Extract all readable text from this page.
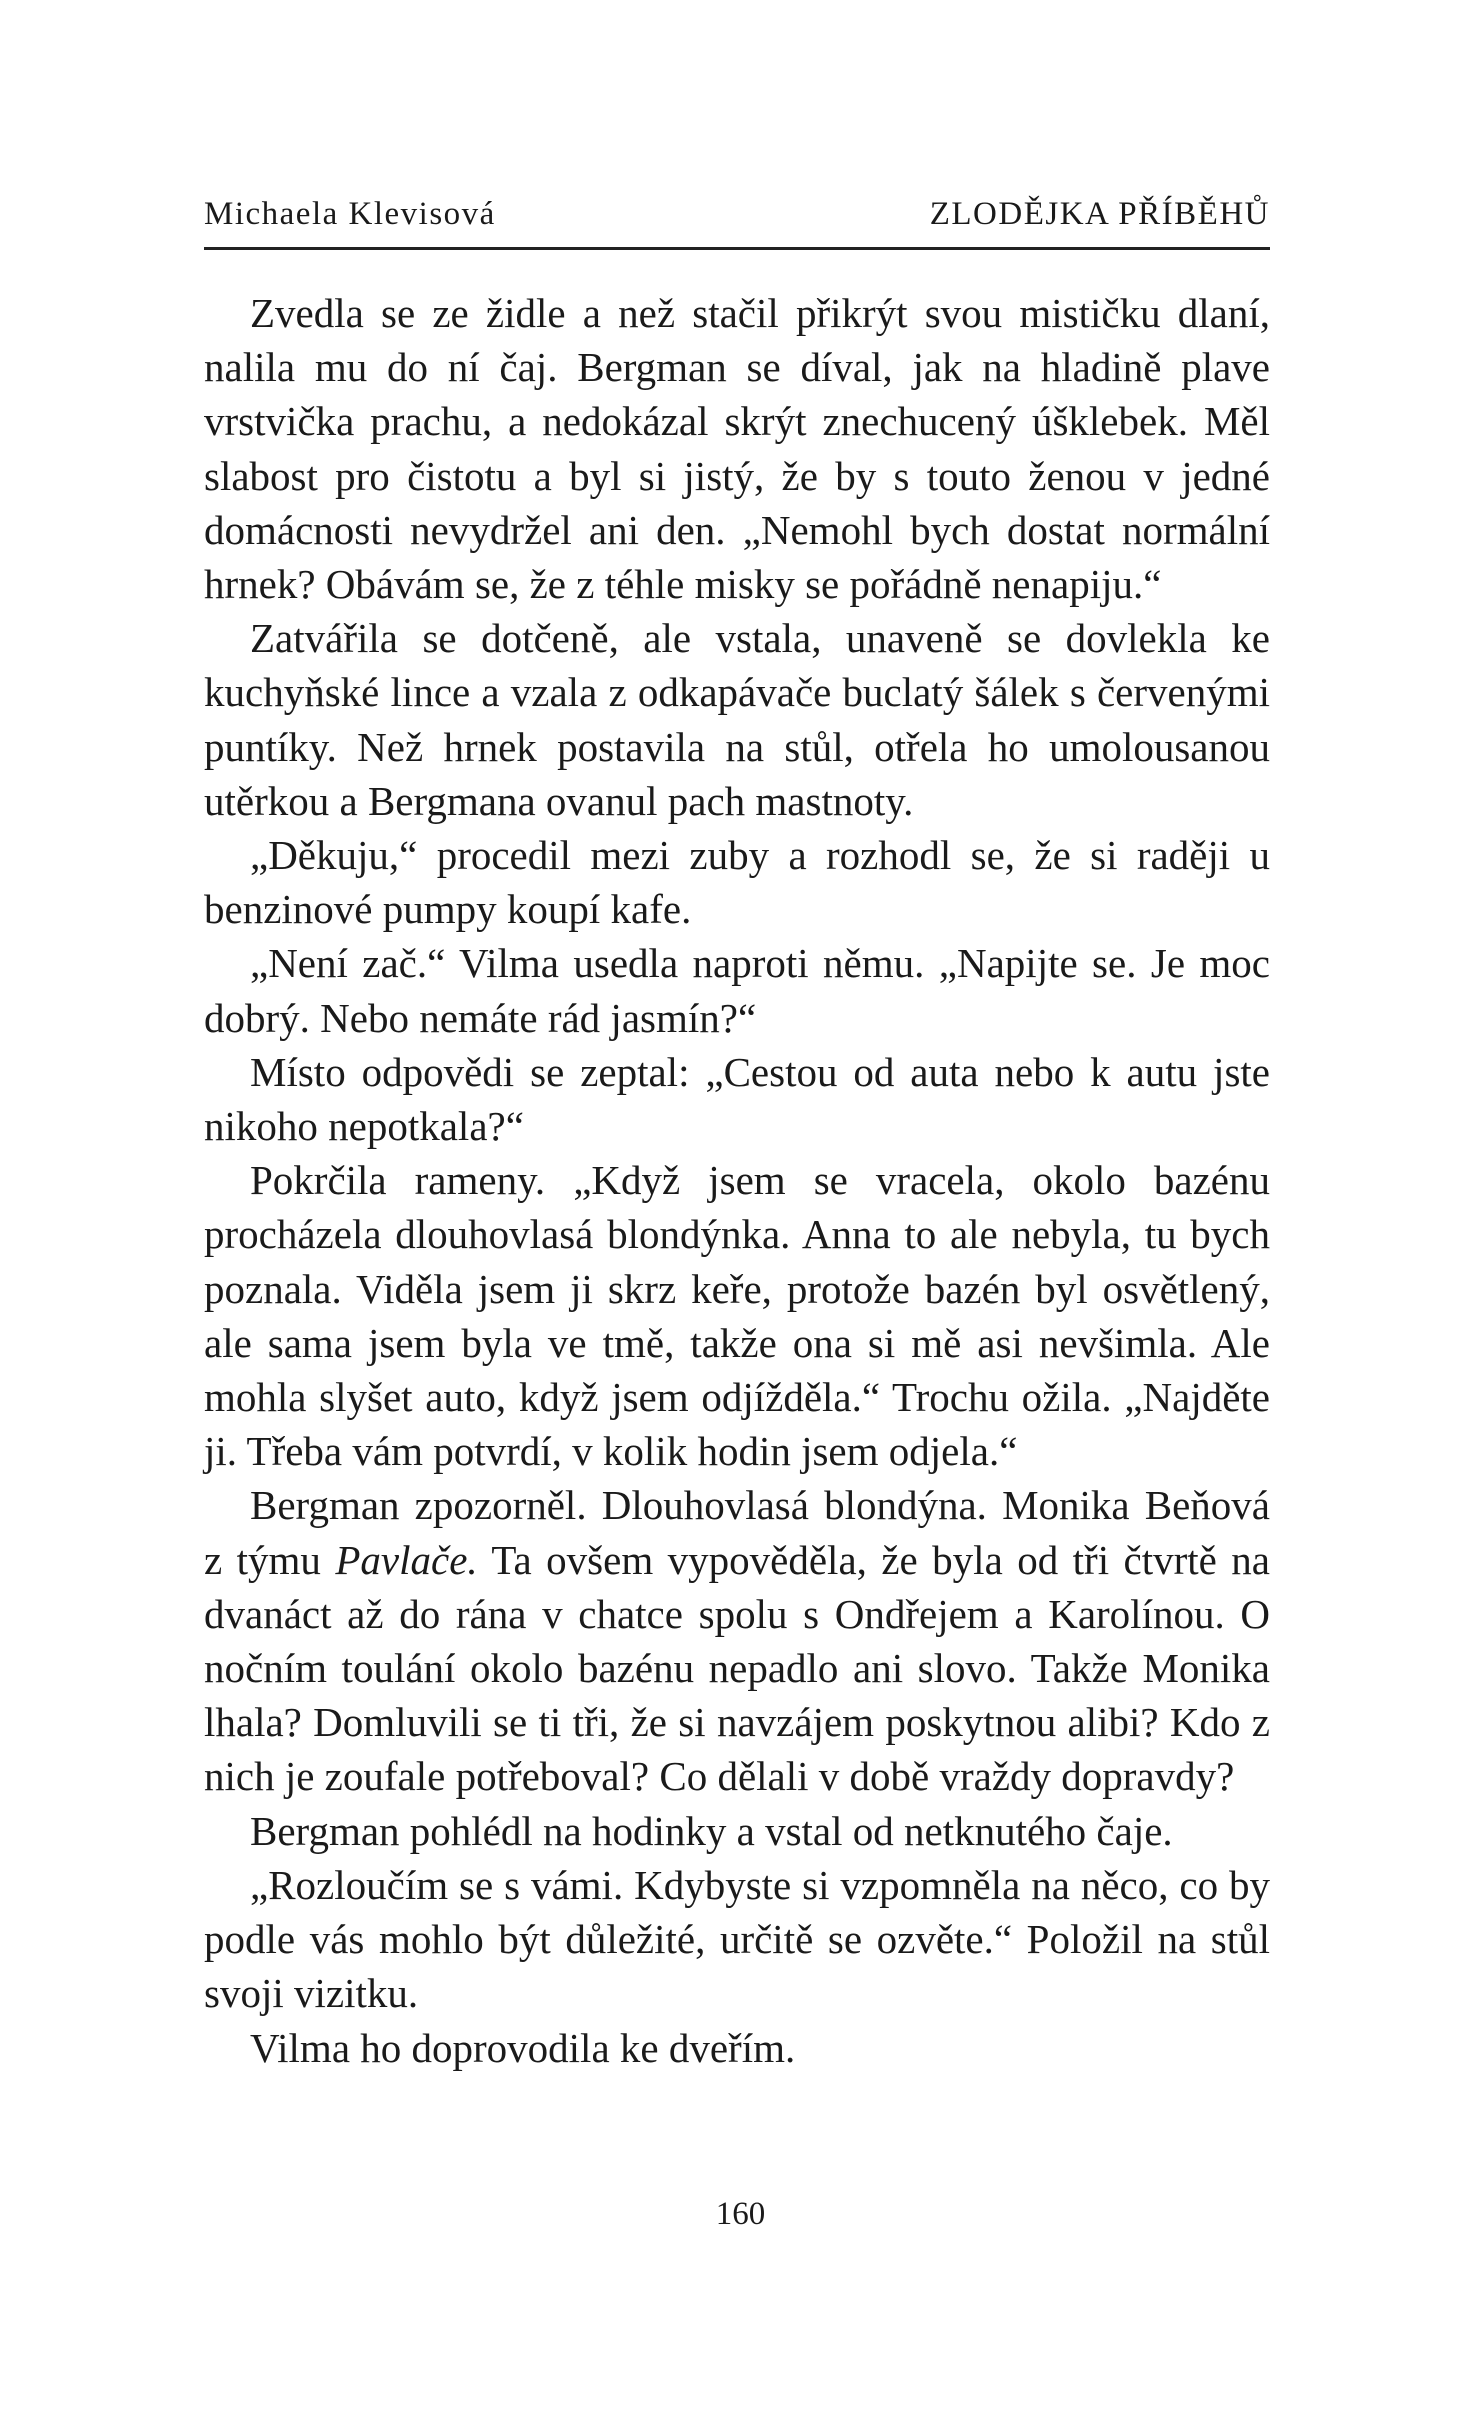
Michaela Klevisová	ZLODĚJKA PŘÍBĚHŮ

Zvedla se ze židle a než stačil přikrýt svou mističku dlaní, nalila mu do ní čaj. Bergman se díval, jak na hladině plave vrstvička prachu, a nedokázal skrýt znechucený úšklebek. Měl slabost pro čistotu a byl si jistý, že by s touto ženou v jedné domácnosti nevydržel ani den. „Nemohl bych dostat normální hrnek? Obávám se, že z téhle misky se pořádně nenapiju.“

Zatvářila se dotčeně, ale vstala, unaveně se dovlekla ke kuchyňské lince a vzala z odkapávače buclatý šálek s červenými puntíky. Než hrnek postavila na stůl, otřela ho umolousanou utěrkou a Bergmana ovanul pach mastnoty.

„Děkuju,“ procedil mezi zuby a rozhodl se, že si raději u benzinové pumpy koupí kafe.

„Není zač.“ Vilma usedla naproti němu. „Napijte se. Je moc dobrý. Nebo nemáte rád jasmín?“

Místo odpovědi se zeptal: „Cestou od auta nebo k autu jste nikoho nepotkala?“

Pokrčila rameny. „Když jsem se vracela, okolo bazénu procházela dlouhovlasá blondýnka. Anna to ale nebyla, tu bych poznala. Viděla jsem ji skrz keře, protože bazén byl osvětlený, ale sama jsem byla ve tmě, takže ona si mě asi nevšimla. Ale mohla slyšet auto, když jsem odjížděla.“ Trochu ožila. „Najděte ji. Třeba vám potvrdí, v kolik hodin jsem odjela.“

Bergman zpozorněl. Dlouhovlasá blondýna. Monika Beňová z týmu Pavlače. Ta ovšem vypověděla, že byla od tři čtvrtě na dvanáct až do rána v chatce spolu s Ondřejem a Karolínou. O nočním toulání okolo bazénu nepadlo ani slovo. Takže Monika lhala? Domluvili se ti tři, že si navzájem poskytnou alibi? Kdo z nich je zoufale potřeboval? Co dělali v době vraždy dopravdy?

Bergman pohlédl na hodinky a vstal od netknutého čaje.

„Rozloučím se s vámi. Kdybyste si vzpomněla na něco, co by podle vás mohlo být důležité, určitě se ozvěte.“ Položil na stůl svoji vizitku.

Vilma ho doprovodila ke dveřím.

160
